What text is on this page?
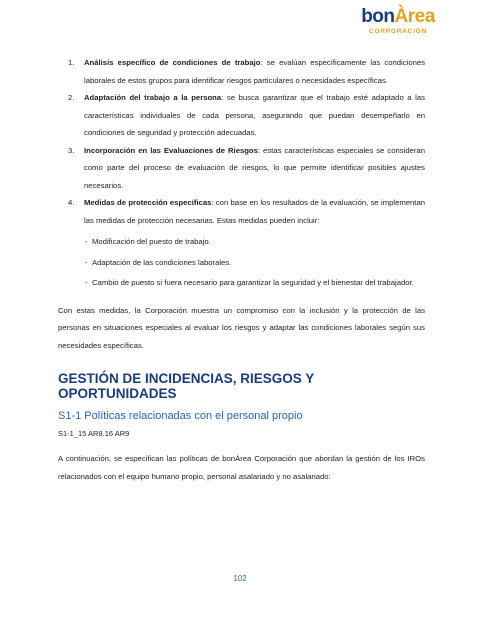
bonÀrea
CORPORACIÓN
1. Análisis específico de condiciones de trabajo: se evalúan específicamente las condiciones laborales de estos grupos para identificar riesgos particulares o necesidades específicas.
2. Adaptación del trabajo a la persona: se busca garantizar que el trabajo esté adaptado a las características individuales de cada persona, asegurando que puedan desempeñarlo en condiciones de seguridad y protección adecuadas.
3. Incorporación en las Evaluaciones de Riesgos: estas características especiales se consideran como parte del proceso de evaluación de riesgos, lo que permite identificar posibles ajustes necesarios.
4. Medidas de protección específicas: con base en los resultados de la evaluación, se implementan las medidas de protección necesarias. Estas medidas pueden incluir:
- Modificación del puesto de trabajo.
- Adaptación de las condiciones laborales.
- Cambio de puesto si fuera necesario para garantizar la seguridad y el bienestar del trabajador.

Con estas medidas, la Corporación muestra un compromiso con la inclusión y la protección de las personas en situaciones especiales al evaluar los riesgos y adaptar las condiciones laborales según sus necesidades específicas.

GESTIÓN DE INCIDENCIAS, RIESGOS Y OPORTUNIDADES
S1-1 Políticas relacionadas con el personal propio
S1-1_15 AR8.16 AR9

A continuación, se especifican las políticas de bonÀrea Corporación que abordan la gestión de los IROs relacionados con el equipo humano propio, personal asalariado y no asalariado:

102
